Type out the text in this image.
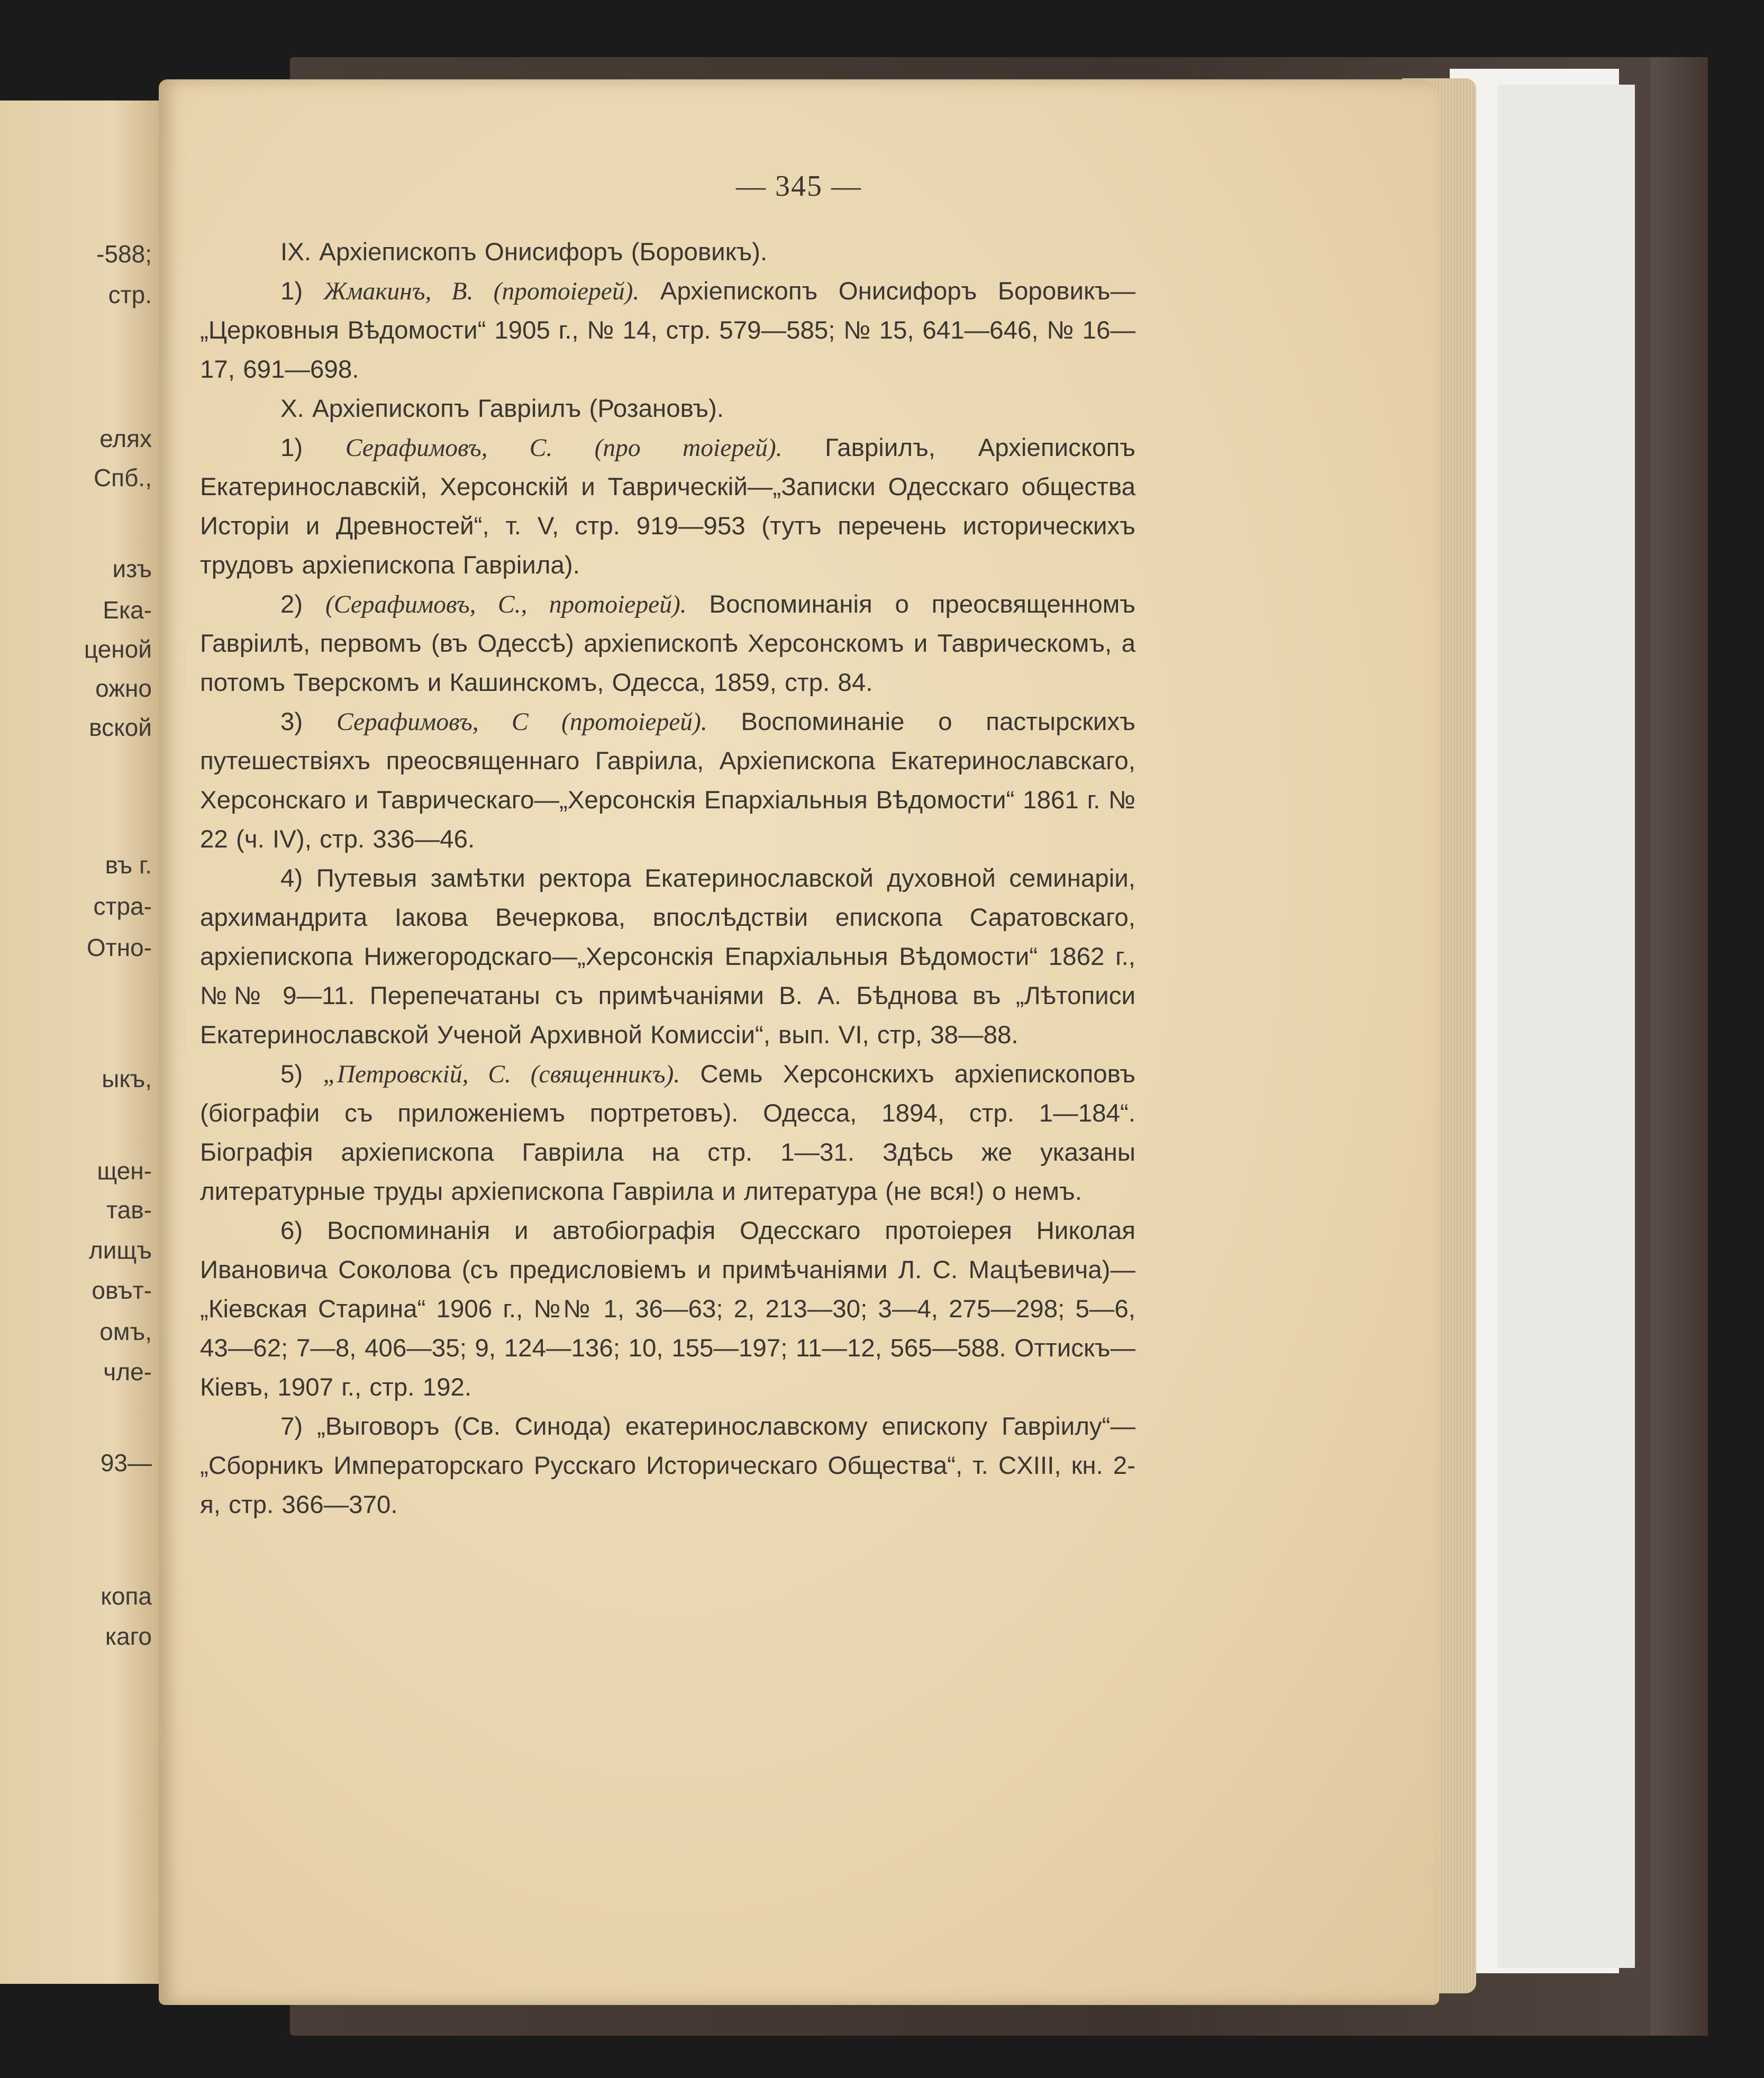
-588;
стр.
елях
Спб.,
изъ
Ека-
ценой
ожно
вской
въ г.
стра-
Отно-
ыкъ,
щен-
тав-
лищъ
овът-
омъ,
чле-
93—
копа
каго
— 345 —

IX. Архіепископъ Онисифоръ (Боровикъ).

1) Жмакинъ, В. (протоіерей). Архіепископъ Онисифоръ Боровикъ—„Церковныя Вѣдомости“ 1905 г., № 14, стр. 579—585; № 15, 641—646, № 16—17, 691—698.

X. Архіепископъ Гавріилъ (Розановъ).

1) Серафимовъ, С. (про тоіерей). Гавріилъ, Архіепископъ Екатеринославскій, Херсонскій и Таврическій—„Записки Одесскаго общества Исторіи и Древностей“, т. V, стр. 919—953 (тутъ перечень историческихъ трудовъ архіепископа Гавріила).

2) (Серафимовъ, С., протоіерей). Воспоминанія о преосвященномъ Гавріилѣ, первомъ (въ Одессѣ) архіепископѣ Херсонскомъ и Таврическомъ, а потомъ Тверскомъ и Кашинскомъ, Одесса, 1859, стр. 84.

3) Серафимовъ, С (протоіерей). Воспоминаніе о пастырскихъ путешествіяхъ преосвященнаго Гавріила, Архіепископа Екатеринославскаго, Херсонскаго и Таврическаго—„Херсонскія Епархіальныя Вѣдомости“ 1861 г. № 22 (ч. IV), стр. 336—46.

4) Путевыя замѣтки ректора Екатеринославской духовной семинаріи, архимандрита Іакова Вечеркова, впослѣдствіи епископа Саратовскаго, архіепископа Нижегородскаго—„Херсонскія Епархіальныя Вѣдомости“ 1862 г., №№ 9—11. Перепечатаны съ примѣчаніями В. А. Бѣднова въ „Лѣтописи Екатеринославской Ученой Архивной Комиссіи“, вып. VI, стр, 38—88.

5) „Петровскій, С. (священникъ). Семь Херсонскихъ архіепископовъ (біографіи съ приложеніемъ портретовъ). Одесса, 1894, стр. 1—184“. Біографія архіепископа Гавріила на стр. 1—31. Здѣсь же указаны литературные труды архіепископа Гавріила и литература (не вся!) о немъ.

6) Воспоминанія и автобіографія Одесскаго протоіерея Николая Ивановича Соколова (съ предисловіемъ и примѣчаніями Л. С. Мацѣевича)—„Кіевская Старина“ 1906 г., №№ 1, 36—63; 2, 213—30; 3—4, 275—298; 5—6, 43—62; 7—8, 406—35; 9, 124—136; 10, 155—197; 11—12, 565—588. Оттискъ—Кіевъ, 1907 г., стр. 192.

7) „Выговоръ (Св. Синода) екатеринославскому епископу Гавріилу“—„Сборникъ Императорскаго Русскаго Историческаго Общества“, т. CXIII, кн. 2-я, стр. 366—370.
